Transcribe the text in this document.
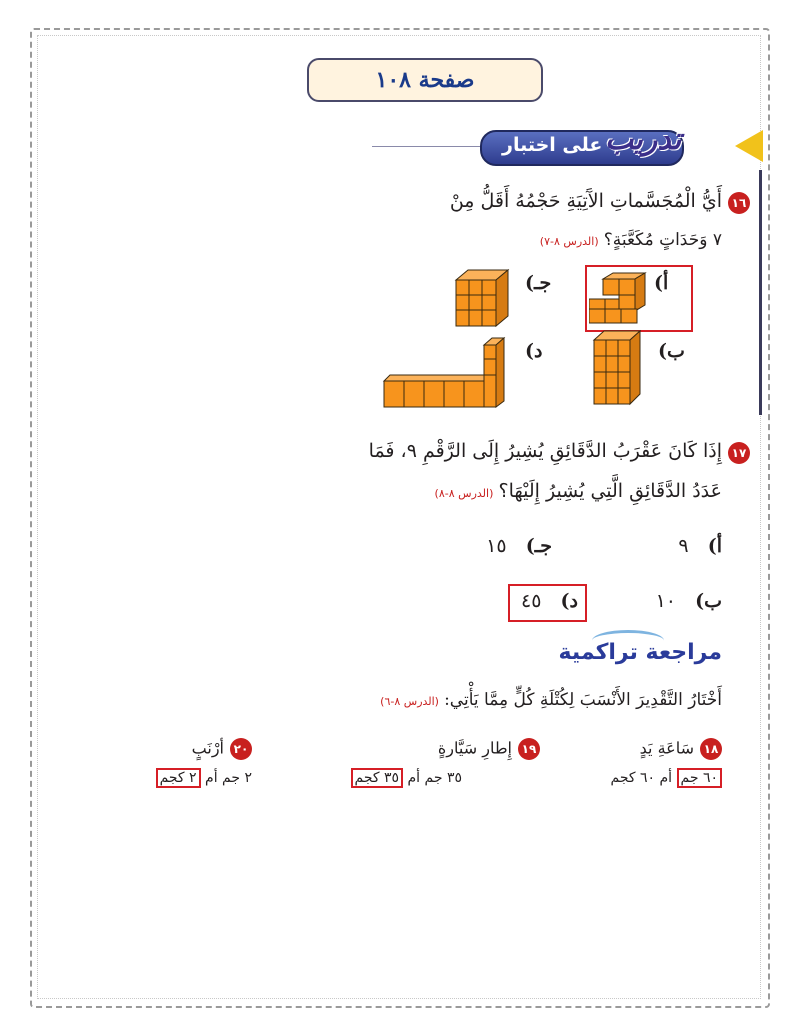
صفحة ١٠٨
على اختبار تدريب
١٦أَيُّ الْمُجَسَّماتِ الآَتِيَةِ حَجْمُهُ أَقَلُّ مِنْ
٧ وَحَدَاتٍ مُكَعَّبَةٍ؟ (الدرس ٨-٧)
أ)
جـ)
ب)
د)
١٧إِذَا كَانَ عَقْرَبُ الدَّقَائِقِ يُشِيرُ إِلَى الرَّقْمِ ٩، فَمَا
عَدَدُ الدَّقَائِقِ الَّتِي يُشِيرُ إِلَيْهَا؟ (الدرس ٨-٨)
أ) ٩
جـ) ١٥
ب) ١٠
د) ٤٥
مراجعة تراكمية
أَخْتَارُ التَّقْدِيرَ الأَنْسَبَ لِكُتْلَةِ كُلٍّ مِمَّا يَأْتِي: (الدرس ٨-٦)
١٨سَاعَةِ يَدٍ
٦٠ جم أم ٦٠ كجم
١٩إِطارِ سَيَّارةٍ
٣٥ جم أم ٣٥ كجم
٢٠أرْنَبٍ
٢ جم أم ٢ كجم
